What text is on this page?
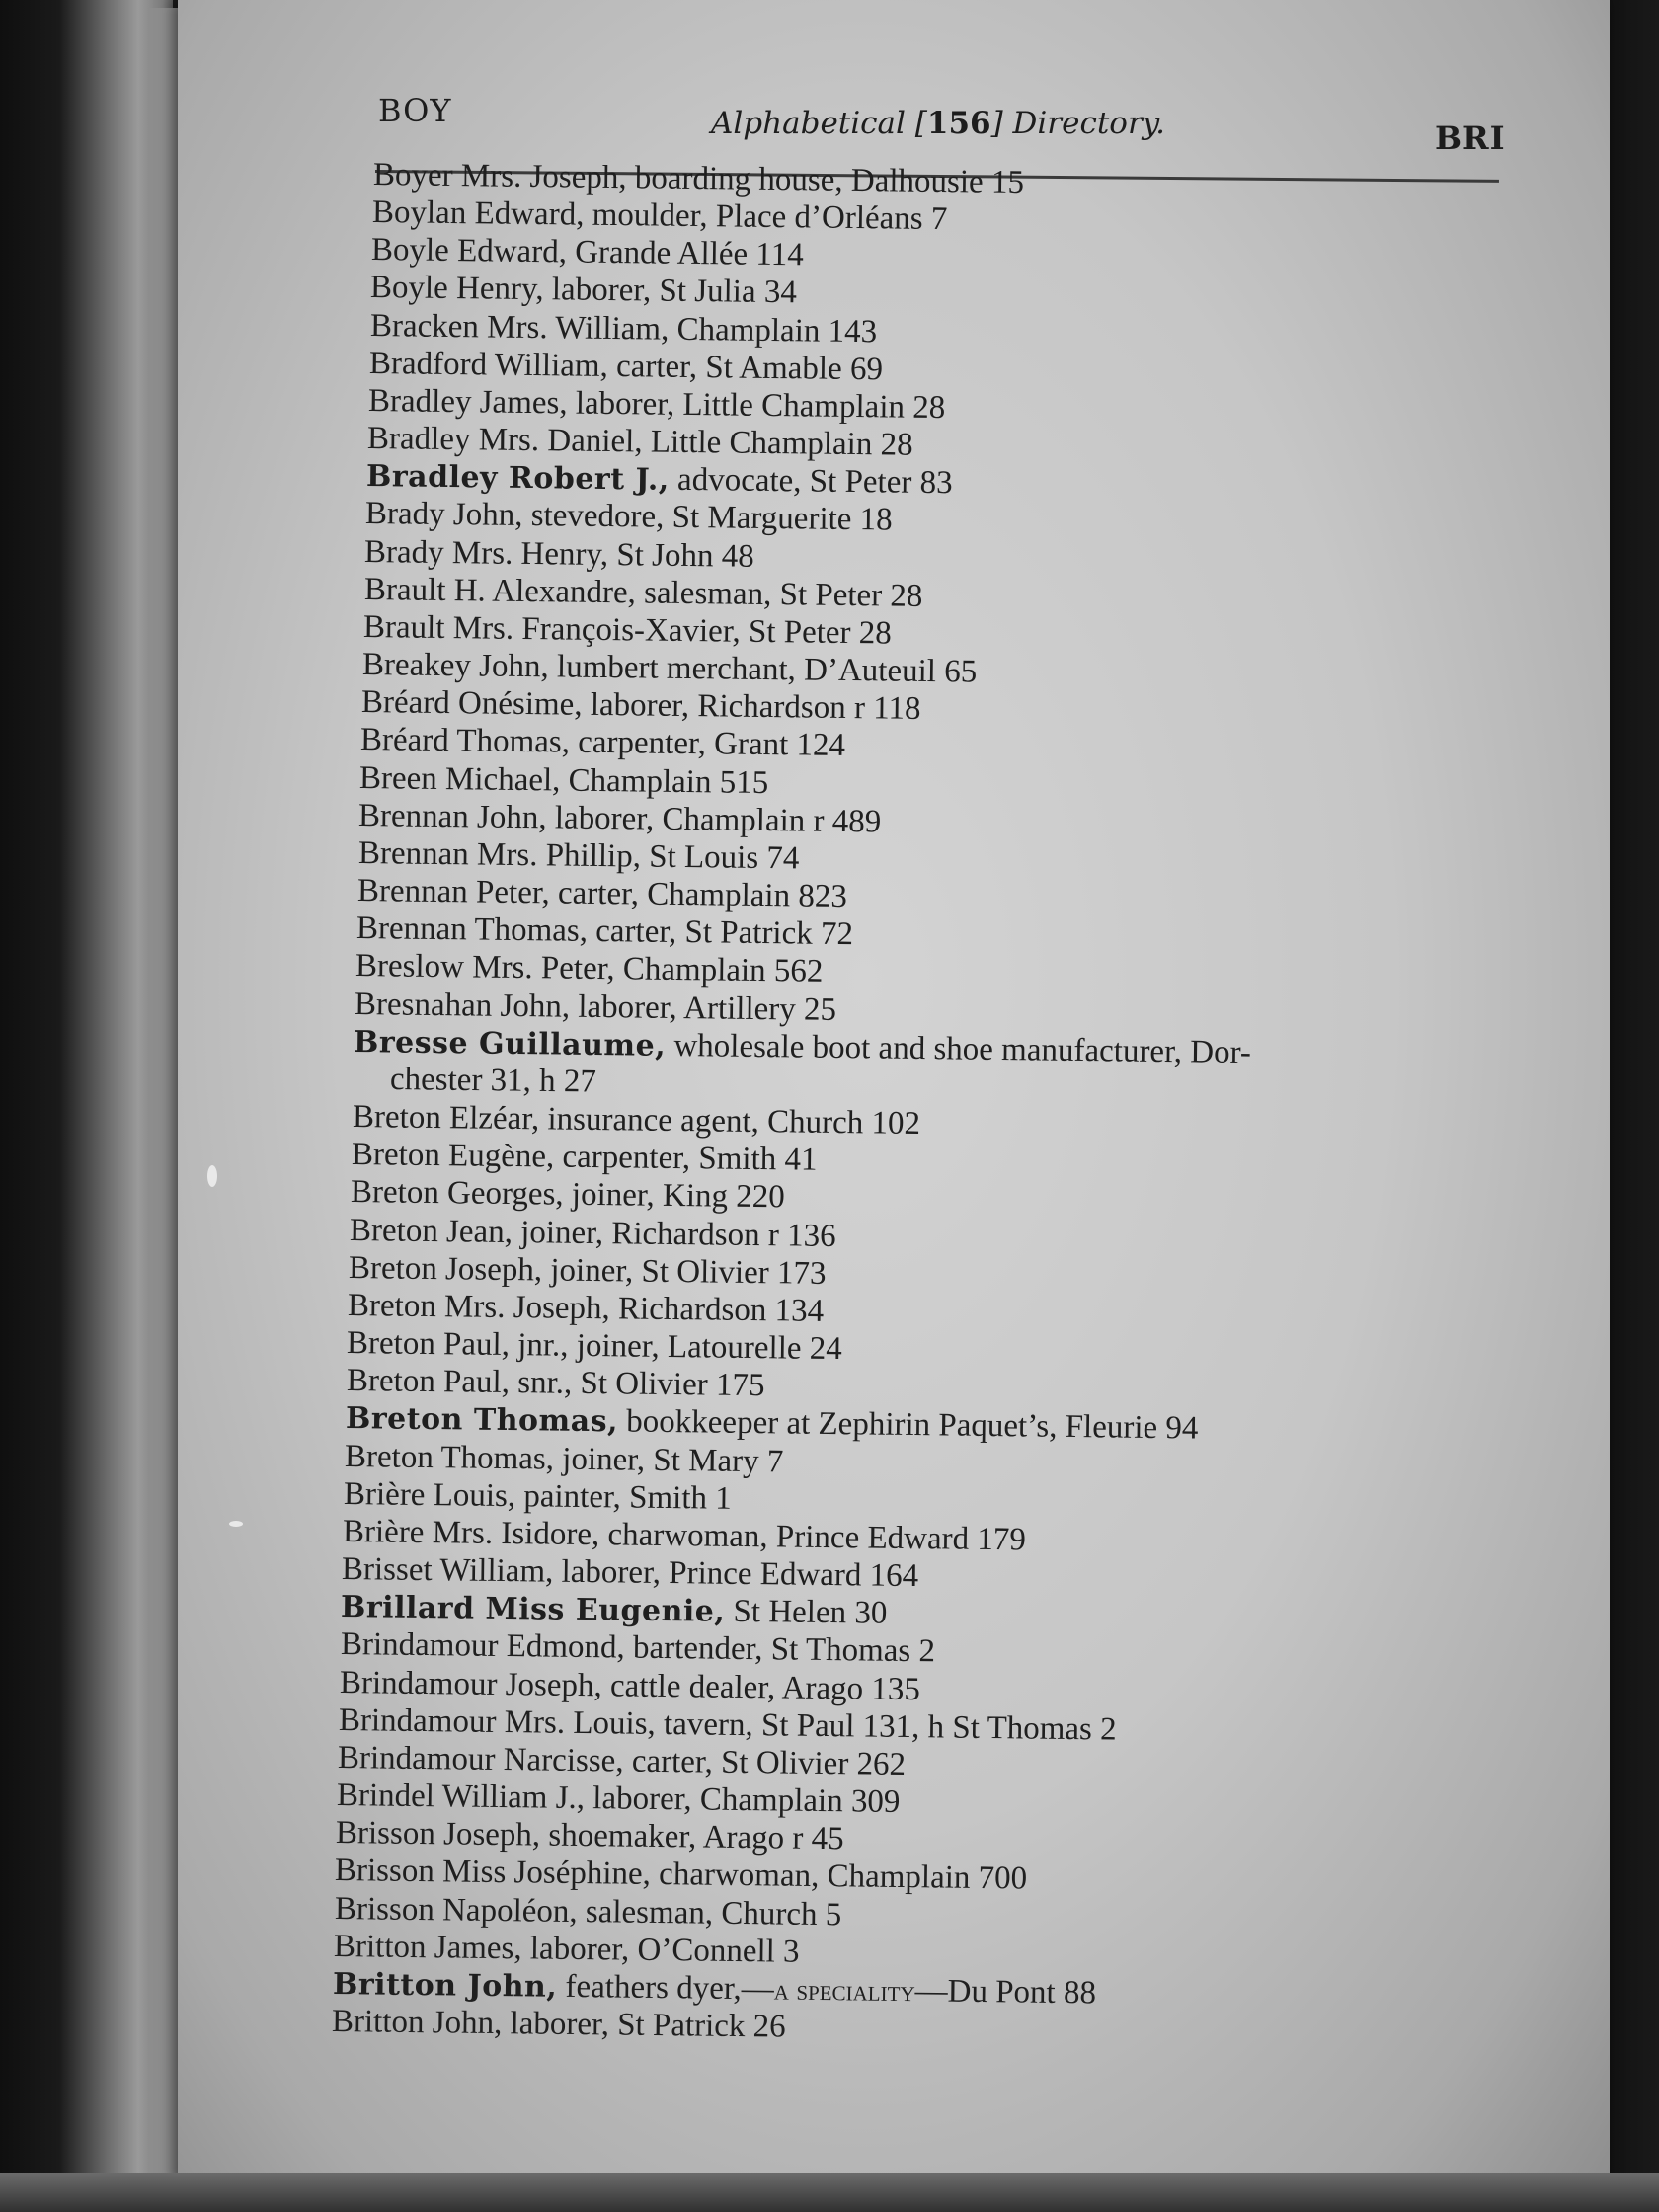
BOY	Alphabetical [156] Directory.	BRI
Boyer Mrs. Joseph, boarding house, Dalhousie 15
Boylan Edward, moulder, Place d’Orléans 7
Boyle Edward, Grande Allée 114
Boyle Henry, laborer, St Julia 34
Bracken Mrs. William, Champlain 143
Bradford William, carter, St Amable 69
Bradley James, laborer, Little Champlain 28
Bradley Mrs. Daniel, Little Champlain 28
Bradley Robert J., advocate, St Peter 83
Brady John, stevedore, St Marguerite 18
Brady Mrs. Henry, St John 48
Brault H. Alexandre, salesman, St Peter 28
Brault Mrs. François-Xavier, St Peter 28
Breakey John, lumbert merchant, D’Auteuil 65
Bréard Onésime, laborer, Richardson r 118
Bréard Thomas, carpenter, Grant 124
Breen Michael, Champlain 515
Brennan John, laborer, Champlain r 489
Brennan Mrs. Phillip, St Louis 74
Brennan Peter, carter, Champlain 823
Brennan Thomas, carter, St Patrick 72
Breslow Mrs. Peter, Champlain 562
Bresnahan John, laborer, Artillery 25
Bresse Guillaume, wholesale boot and shoe manufacturer, Dor-
chester 31, h 27
Breton Elzéar, insurance agent, Church 102
Breton Eugène, carpenter, Smith 41
Breton Georges, joiner, King 220
Breton Jean, joiner, Richardson r 136
Breton Joseph, joiner, St Olivier 173
Breton Mrs. Joseph, Richardson 134
Breton Paul, jnr., joiner, Latourelle 24
Breton Paul, snr., St Olivier 175
Breton Thomas, bookkeeper at Zephirin Paquet’s, Fleurie 94
Breton Thomas, joiner, St Mary 7
Brière Louis, painter, Smith 1
Brière Mrs. Isidore, charwoman, Prince Edward 179
Brisset William, laborer, Prince Edward 164
Brillard Miss Eugenie, St Helen 30
Brindamour Edmond, bartender, St Thomas 2
Brindamour Joseph, cattle dealer, Arago 135
Brindamour Mrs. Louis, tavern, St Paul 131, h St Thomas 2
Brindamour Narcisse, carter, St Olivier 262
Brindel William J., laborer, Champlain 309
Brisson Joseph, shoemaker, Arago r 45
Brisson Miss Joséphine, charwoman, Champlain 700
Brisson Napoléon, salesman, Church 5
Britton James, laborer, O’Connell 3
Britton John, feathers dyer,—a speciality—Du Pont 88
Britton John, laborer, St Patrick 26
